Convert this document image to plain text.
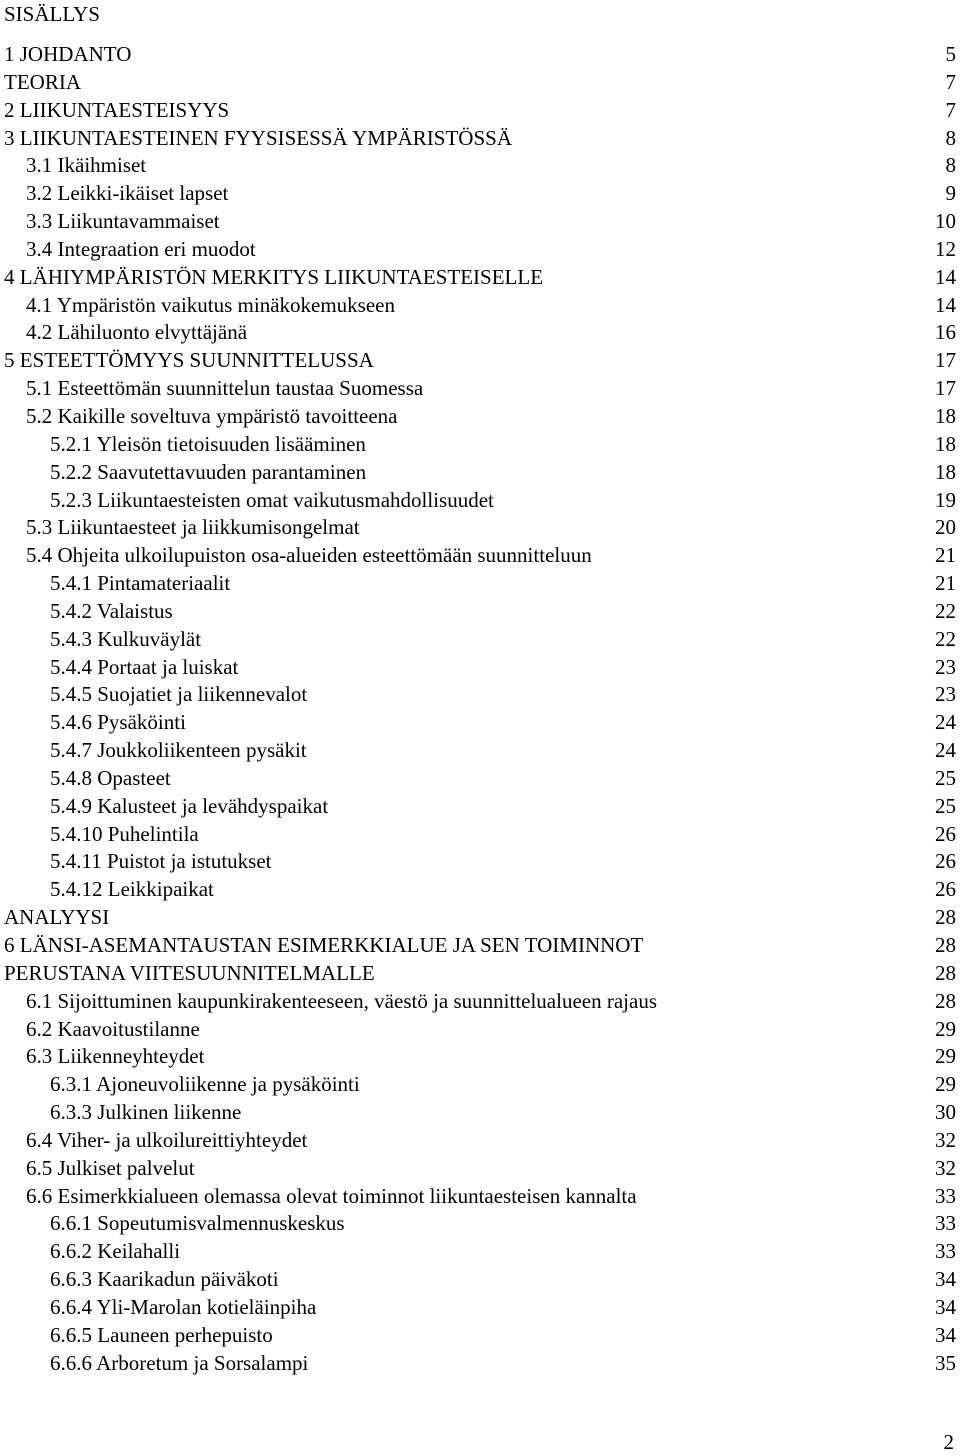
SISÄLLYS
1 JOHDANTO	5
TEORIA	7
2 LIIKUNTAESTEISYYS	7
3 LIIKUNTAESTEINEN FYYSISESSÄ YMPÄRISTÖSSÄ	8
3.1 Ikäihmiset	8
3.2 Leikki-ikäiset lapset	9
3.3 Liikuntavammaiset	10
3.4 Integraation eri muodot	12
4 LÄHIYMPÄRISTÖN MERKITYS LIIKUNTAESTEISELLE	14
4.1 Ympäristön vaikutus minäkokemukseen	14
4.2 Lähiluonto elvyttäjänä	16
5 ESTEETTÖMYYS SUUNNITTELUSSA	17
5.1 Esteettömän suunnittelun taustaa Suomessa	17
5.2 Kaikille soveltuva ympäristö tavoitteena	18
5.2.1 Yleisön tietoisuuden lisääminen	18
5.2.2 Saavutettavuuden parantaminen	18
5.2.3 Liikuntaesteisten omat vaikutusmahdollisuudet	19
5.3 Liikuntaesteet ja liikkumisongelmat	20
5.4 Ohjeita ulkoilupuiston osa-alueiden esteettömään suunnitteluun	21
5.4.1 Pintamateriaalit	21
5.4.2 Valaistus	22
5.4.3 Kulkuväylät	22
5.4.4 Portaat ja luiskat	23
5.4.5 Suojatiet ja liikennevalot	23
5.4.6 Pysäköinti	24
5.4.7 Joukkoliikenteen pysäkit	24
5.4.8 Opasteet	25
5.4.9 Kalusteet ja levähdyspaikat	25
5.4.10 Puhelintila	26
5.4.11 Puistot ja istutukset	26
5.4.12 Leikkipaikat	26
ANALYYSI	28
6 LÄNSI-ASEMANTAUSTAN ESIMERKKIALUE JA SEN TOIMINNOT	28
PERUSTANA VIITESUUNNITELMALLE	28
6.1 Sijoittuminen kaupunkirakenteeseen, väestö ja suunnittelualueen rajaus	28
6.2 Kaavoitustilanne	29
6.3 Liikenneyhteydet	29
6.3.1 Ajoneuvoliikenne ja pysäköinti	29
6.3.3 Julkinen liikenne	30
6.4 Viher- ja ulkoilureittiyhteydet	32
6.5 Julkiset palvelut	32
6.6 Esimerkkialueen olemassa olevat toiminnot liikuntaesteisen kannalta	33
6.6.1 Sopeutumisvalmennuskeskus	33
6.6.2 Keilahalli	33
6.6.3 Kaarikadun päiväkoti	34
6.6.4 Yli-Marolan kotieläinpiha	34
6.6.5 Launeen perhepuisto	34
6.6.6 Arboretum ja Sorsalampi	35
2
